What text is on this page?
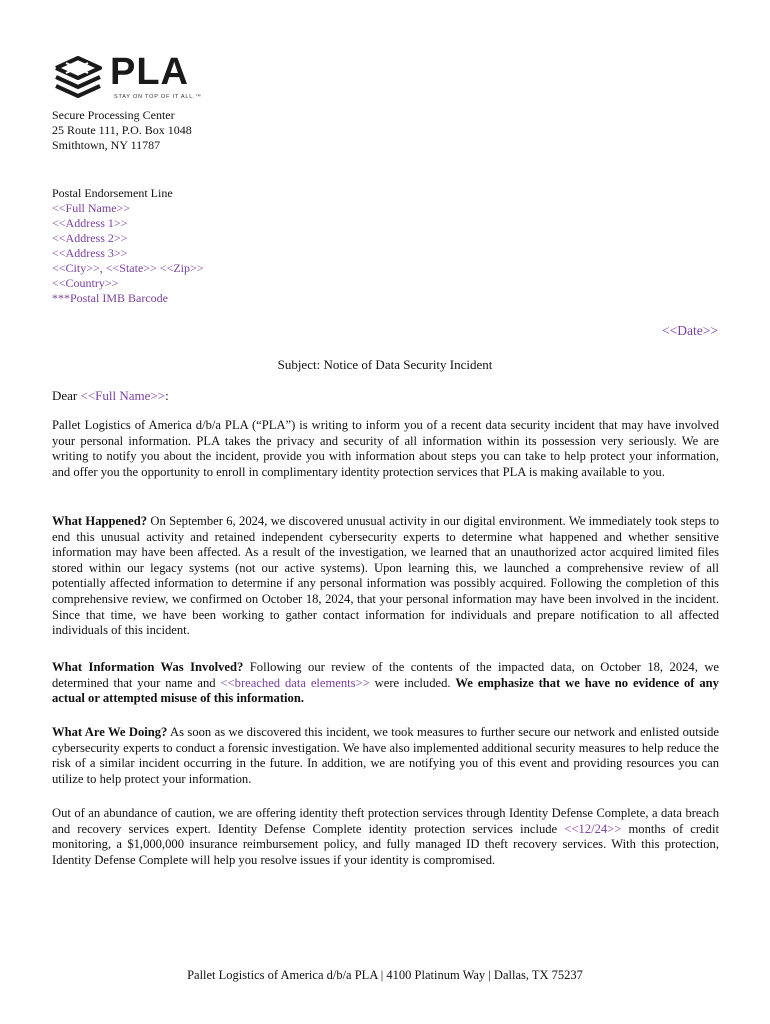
PLA
STAY ON TOP OF IT ALL.™
Secure Processing Center
25 Route 111, P.O. Box 1048
Smithtown, NY 11787
Postal Endorsement Line
<<Full Name>>
<<Address 1>>
<<Address 2>>
<<Address 3>>
<<City>>, <<State>> <<Zip>>
<<Country>>
***Postal IMB Barcode
<<Date>>
Subject: Notice of Data Security Incident
Dear <<Full Name>>:

Pallet Logistics of America d/b/a PLA (“PLA”) is writing to inform you of a recent data security incident that may have involved your personal information. PLA takes the privacy and security of all information within its possession very seriously. We are writing to notify you about the incident, provide you with information about steps you can take to help protect your information, and offer you the opportunity to enroll in complimentary identity protection services that PLA is making available to you.

What Happened? On September 6, 2024, we discovered unusual activity in our digital environment. We immediately took steps to end this unusual activity and retained independent cybersecurity experts to determine what happened and whether sensitive information may have been affected. As a result of the investigation, we learned that an unauthorized actor acquired limited files stored within our legacy systems (not our active systems). Upon learning this, we launched a comprehensive review of all potentially affected information to determine if any personal information was possibly acquired. Following the completion of this comprehensive review, we confirmed on October 18, 2024, that your personal information may have been involved in the incident. Since that time, we have been working to gather contact information for individuals and prepare notification to all affected individuals of this incident.

What Information Was Involved? Following our review of the contents of the impacted data, on October 18, 2024, we determined that your name and <<breached data elements>> were included. We emphasize that we have no evidence of any actual or attempted misuse of this information.

What Are We Doing? As soon as we discovered this incident, we took measures to further secure our network and enlisted outside cybersecurity experts to conduct a forensic investigation. We have also implemented additional security measures to help reduce the risk of a similar incident occurring in the future. In addition, we are notifying you of this event and providing resources you can utilize to help protect your information.

Out of an abundance of caution, we are offering identity theft protection services through Identity Defense Complete, a data breach and recovery services expert. Identity Defense Complete identity protection services include <<12/24>> months of credit monitoring, a $1,000,000 insurance reimbursement policy, and fully managed ID theft recovery services. With this protection, Identity Defense Complete will help you resolve issues if your identity is compromised.

Pallet Logistics of America d/b/a PLA | 4100 Platinum Way | Dallas, TX 75237
